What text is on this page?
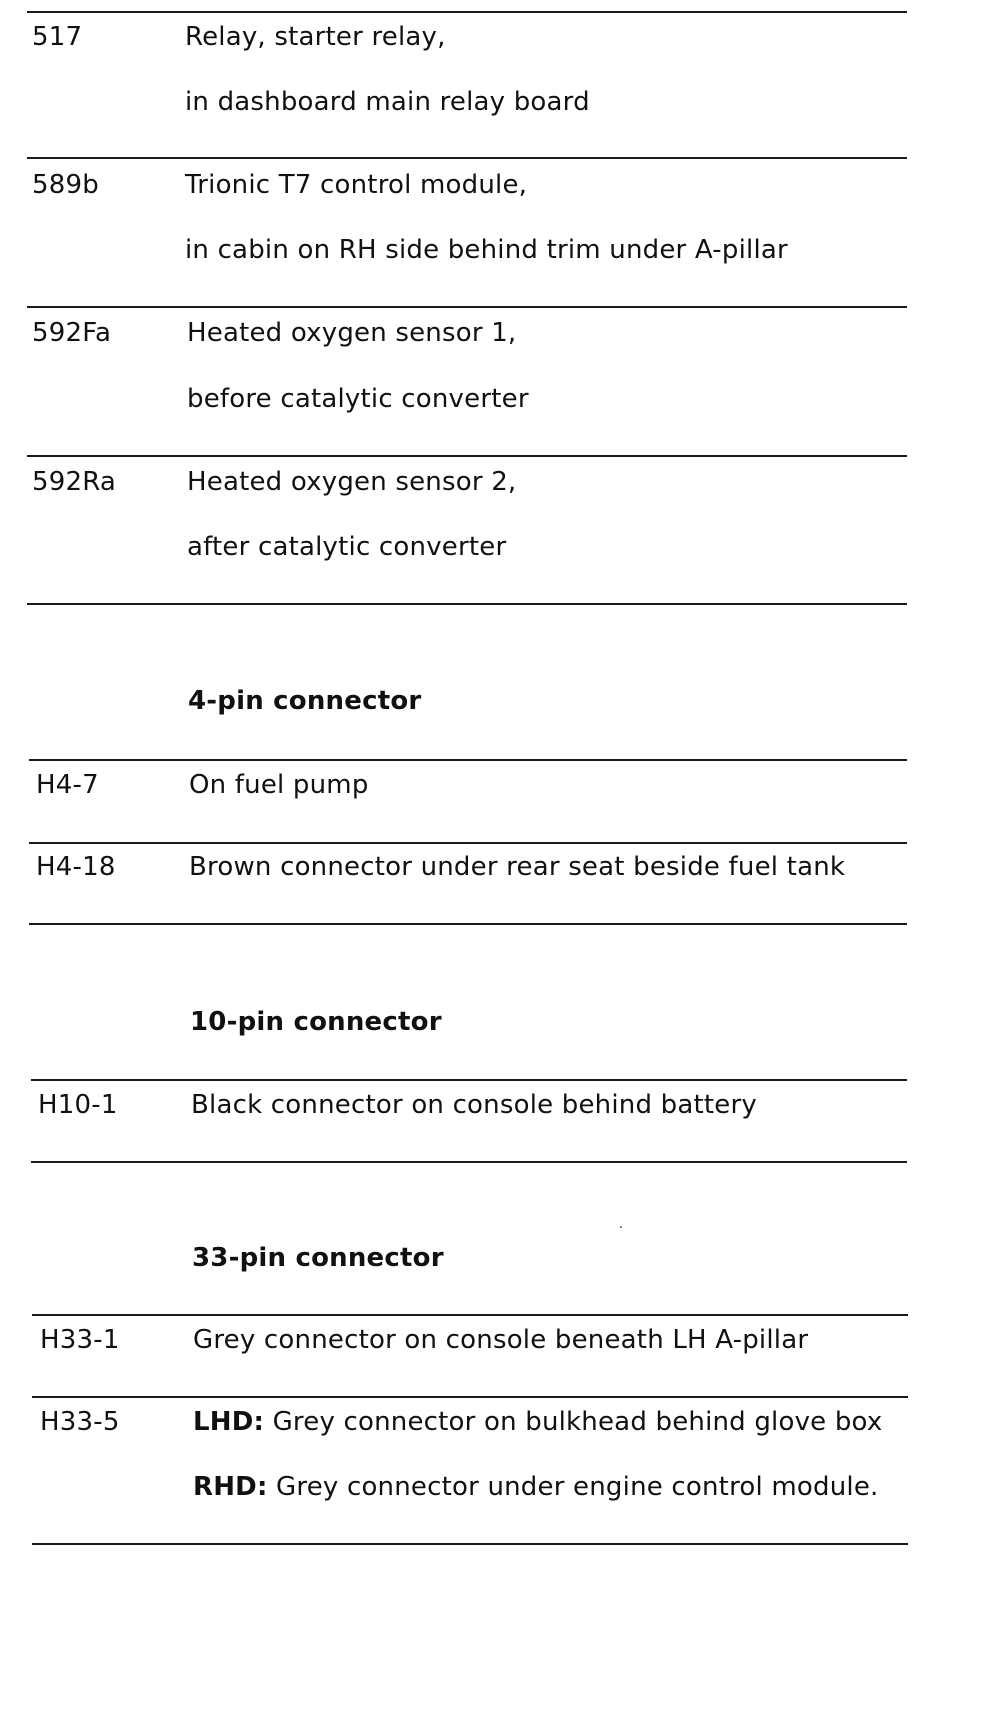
517	Relay, starter relay,
in dashboard main relay board
589b	Trionic T7 control module,
in cabin on RH side behind trim under A-pillar
592Fa	Heated oxygen sensor 1,
before catalytic converter
592Ra	Heated oxygen sensor 2,
after catalytic converter
4-pin connector
H4-7	On fuel pump
H4-18	Brown connector under rear seat beside fuel tank
10-pin connector
H10-1	Black connector on console behind battery
33-pin connector
H33-1	Grey connector on console beneath LH A-pillar
H33-5	LHD: Grey connector on bulkhead behind glove box
RHD: Grey connector under engine control module.
